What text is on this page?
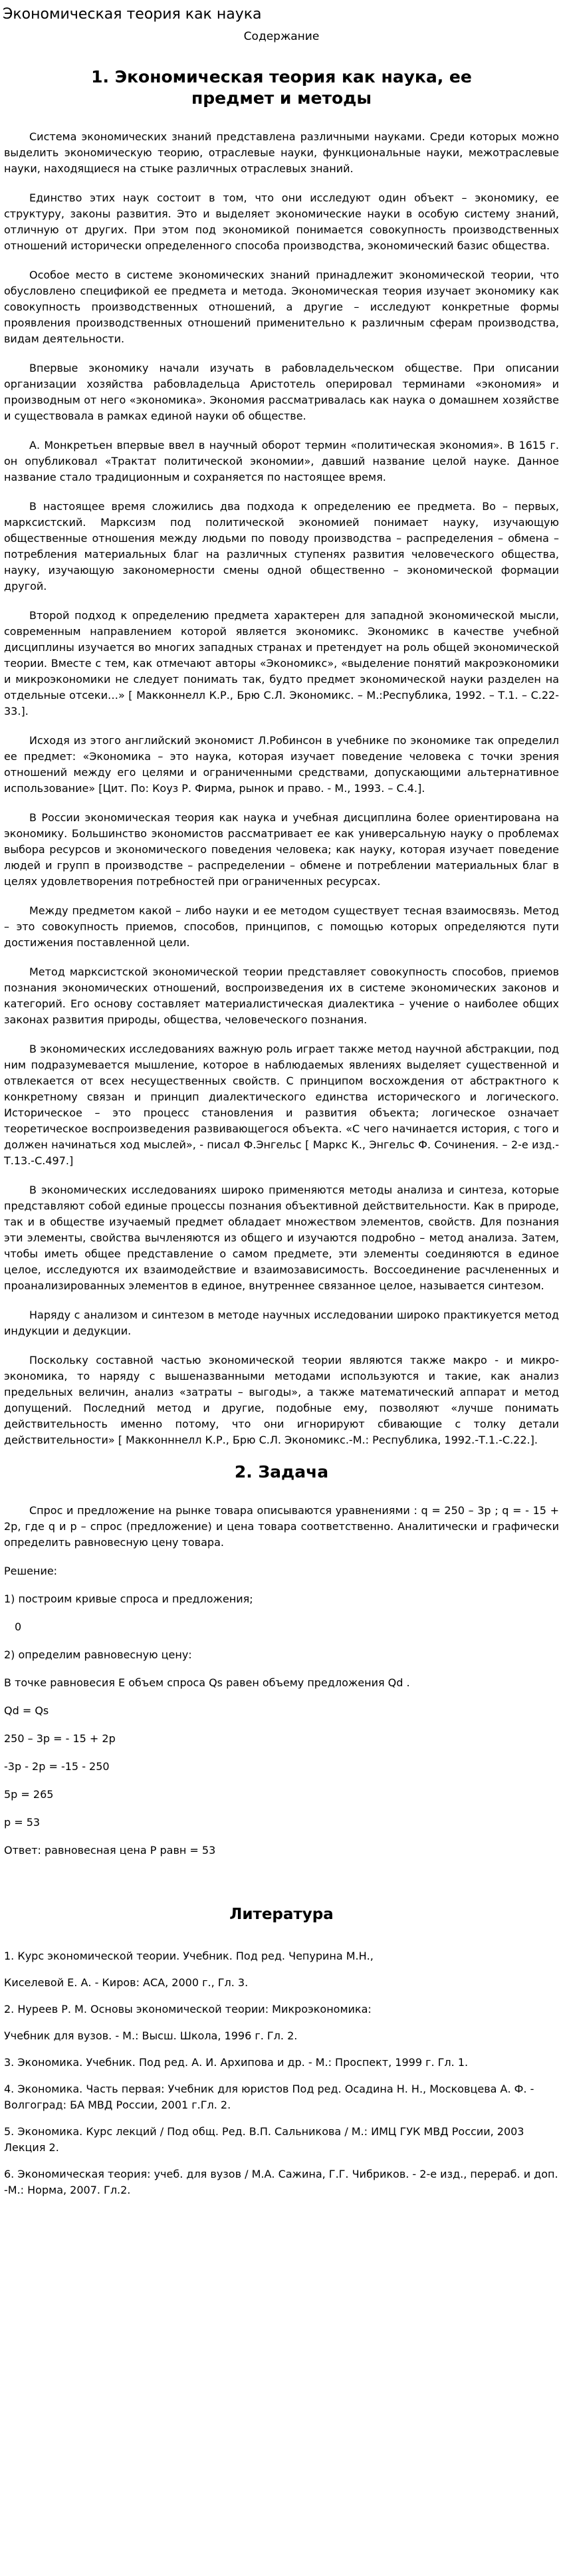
Экономическая теория как наука
Содержание
1. Экономическая теория как наука, ее предмет и методы

Система экономических знаний представлена различными науками. Среди которых можно выделить экономическую теорию, отраслевые науки, функциональные науки, межотраслевые науки, находящиеся на стыке различных отраслевых знаний.

Единство этих наук состоит в том, что они исследуют один объект – экономику, ее структуру, законы развития. Это и выделяет экономические науки в особую систему знаний, отличную от других. При этом под экономикой понимается совокупность производственных отношений исторически определенного способа производства, экономический базис общества.

Особое место в системе экономических знаний принадлежит экономической теории, что обусловлено спецификой ее предмета и метода. Экономическая теория изучает экономику как совокупность производственных отношений, а другие – исследуют конкретные формы проявления производственных отношений применительно к различным сферам производства, видам деятельности.

Впервые экономику начали изучать в рабовладельческом обществе. При описании организации хозяйства рабовладельца Аристотель оперировал терминами «экономия» и производным от него «экономика». Экономия рассматривалась как наука о домашнем хозяйстве и существовала в рамках единой науки об обществе.

А. Монкретьен впервые ввел в научный оборот термин «политическая экономия». В 1615 г. он опубликовал «Трактат политической экономии», давший название целой науке. Данное название стало традиционным и сохраняется по настоящее время.

В настоящее время сложились два подхода к определению ее предмета. Во – первых, марксистский. Марксизм под политической экономией понимает науку, изучающую общественные отношения между людьми по поводу производства – распределения – обмена – потребления материальных благ на различных ступенях развития человеческого общества, науку, изучающую закономерности смены одной общественно – экономической формации другой.

Второй подход к определению предмета характерен для западной экономической мысли, современным направлением которой является экономикс. Экономикс в качестве учебной дисциплины изучается во многих западных странах и претендует на роль общей экономической теории. Вместе с тем, как отмечают авторы «Экономикс», «выделение понятий макроэкономики и микроэкономики не следует понимать так, будто предмет экономической науки разделен на отдельные отсеки…» [ Макконнелл К.Р., Брю С.Л. Экономикс. – М.:Республика, 1992. – Т.1. – С.22-33.].

Исходя из этого английский экономист Л.Робинсон в учебнике по экономике так определил ее предмет: «Экономика – это наука, которая изучает поведение человека с точки зрения отношений между его целями и ограниченными средствами, допускающими альтернативное использование» [Цит. По: Коуз Р. Фирма, рынок и право. - М., 1993. – С.4.].

В России экономическая теория как наука и учебная дисциплина более ориентирована на экономику. Большинство экономистов рассматривает ее как универсальную науку о проблемах выбора ресурсов и экономического поведения человека; как науку, которая изучает поведение людей и групп в производстве – распределении – обмене и потреблении материальных благ в целях удовлетворения потребностей при ограниченных ресурсах.

Между предметом какой – либо науки и ее методом существует тесная взаимосвязь. Метод – это совокупность приемов, способов, принципов, с помощью которых определяются пути достижения поставленной цели.

Метод марксистской экономической теории представляет совокупность способов, приемов познания экономических отношений, воспроизведения их в системе экономических законов и категорий. Его основу составляет материалистическая диалектика – учение о наиболее общих законах развития природы, общества, человеческого познания.

В экономических исследованиях важную роль играет также метод научной абстракции, под ним подразумевается мышление, которое в наблюдаемых явлениях выделяет существенной и отвлекается от всех несущественных свойств. С принципом восхождения от абстрактного к конкретному связан и принцип диалектического единства исторического и логического. Историческое – это процесс становления и развития объекта; логическое означает теоретическое воспроизведения развивающегося объекта. «С чего начинается история, с того и должен начинаться ход мыслей», - писал Ф.Энгельс [ Маркс К., Энгельс Ф. Сочинения. – 2-е изд.-Т.13.-С.497.]

В экономических исследованиях широко применяются методы анализа и синтеза, которые представляют собой единые процессы познания объективной действительности. Как в природе, так и в обществе изучаемый предмет обладает множеством элементов, свойств. Для познания эти элементы, свойства вычленяются из общего и изучаются подробно – метод анализа. Затем, чтобы иметь общее представление о самом предмете, эти элементы соединяются в единое целое, исследуются их взаимодействие и взаимозависимость. Воссоединение расчлененных и проанализированных элементов в единое, внутреннее связанное целое, называется синтезом.

Наряду с анализом и синтезом в методе научных исследовании широко практикуется метод индукции и дедукции.

Поскольку составной частью экономической теории являются также макро - и микро- экономика, то наряду с вышеназванными методами используются и такие, как анализ предельных величин, анализ «затраты – выгоды», а также математический аппарат и метод допущений. Последний метод и другие, подобные ему, позволяют «лучше понимать действительность именно потому, что они игнорируют сбивающие с толку детали действительности» [ Макконннелл К.Р., Брю С.Л. Экономикс.-М.: Республика, 1992.-Т.1.-С.22.].

2. Задача

Спрос и предложение на рынке товара описываются уравнениями : q = 250 – 3p ; q = - 15 + 2p, где q и p – спрос (предложение) и цена товара соответственно. Аналитически и графически определить равновесную цену товара.

Решение:

1) построим кривые спроса и предложения;

0

2) определим равновесную цену:

В точке равновесия E объем спроса Qs равен объему предложения Qd .

Qd = Qs

250 – 3p = - 15 + 2p

-3p - 2p = -15 - 250

5p = 265

p = 53

Ответ: равновесная цена P равн = 53

Литература

1. Курс экономической теории. Учебник. Под ред. Чепурина М.Н.,

Киселевой Е. А. - Киров: АСА, 2000 г., Гл. 3.

2. Нуреев Р. М. Основы экономической теории: Микроэкономика:

Учебник для вузов. - М.: Высш. Школа, 1996 г. Гл. 2.

3. Экономика. Учебник. Под ред. А. И. Архипова и др. - М.: Проспект, 1999 г. Гл. 1.

4. Экономика. Часть первая: Учебник для юристов Под ред. Осадина Н. Н., Московцева А. Ф. - Волгоград: БА МВД России, 2001 г.Гл. 2.

5. Экономика. Курс лекций / Под общ. Ред. В.П. Сальникова / М.: ИМЦ ГУК МВД России, 2003 Лекция 2.

6. Экономическая теория: учеб. для вузов / М.А. Сажина, Г.Г. Чибриков. - 2-е изд., перераб. и доп. -М.: Норма, 2007. Гл.2.
